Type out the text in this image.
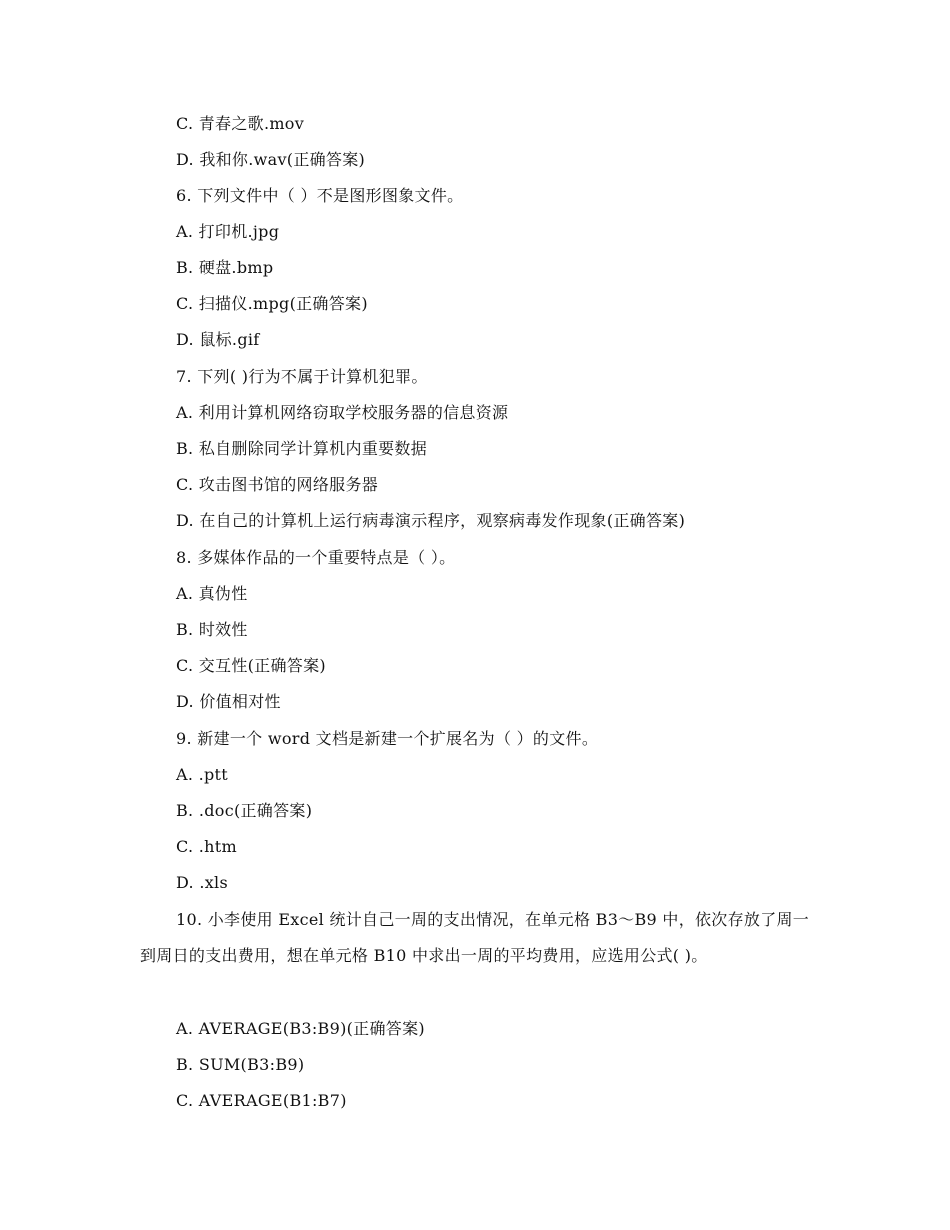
C. 青春之歌.mov
D. 我和你.wav(正确答案)
6. 下列文件中（ ）不是图形图象文件。
A. 打印机.jpg
B. 硬盘.bmp
C. 扫描仪.mpg(正确答案)
D. 鼠标.gif
7. 下列( )行为不属于计算机犯罪。
A. 利用计算机网络窃取学校服务器的信息资源
B. 私自删除同学计算机内重要数据
C. 攻击图书馆的网络服务器
D. 在自己的计算机上运行病毒演示程序，观察病毒发作现象(正确答案)
8. 多媒体作品的一个重要特点是（ ）。
A. 真伪性
B. 时效性
C. 交互性(正确答案)
D. 价值相对性
9. 新建一个 word 文档是新建一个扩展名为（ ）的文件。
A. .ptt
B. .doc(正确答案)
C. .htm
D. .xls
10. 小李使用 Excel 统计自己一周的支出情况，在单元格 B3～B9 中，依次存放了周一到周日的支出费用，想在单元格 B10 中求出一周的平均费用，应选用公式( )。
A. AVERAGE(B3:B9)(正确答案)
B. SUM(B3:B9)
C. AVERAGE(B1:B7)
